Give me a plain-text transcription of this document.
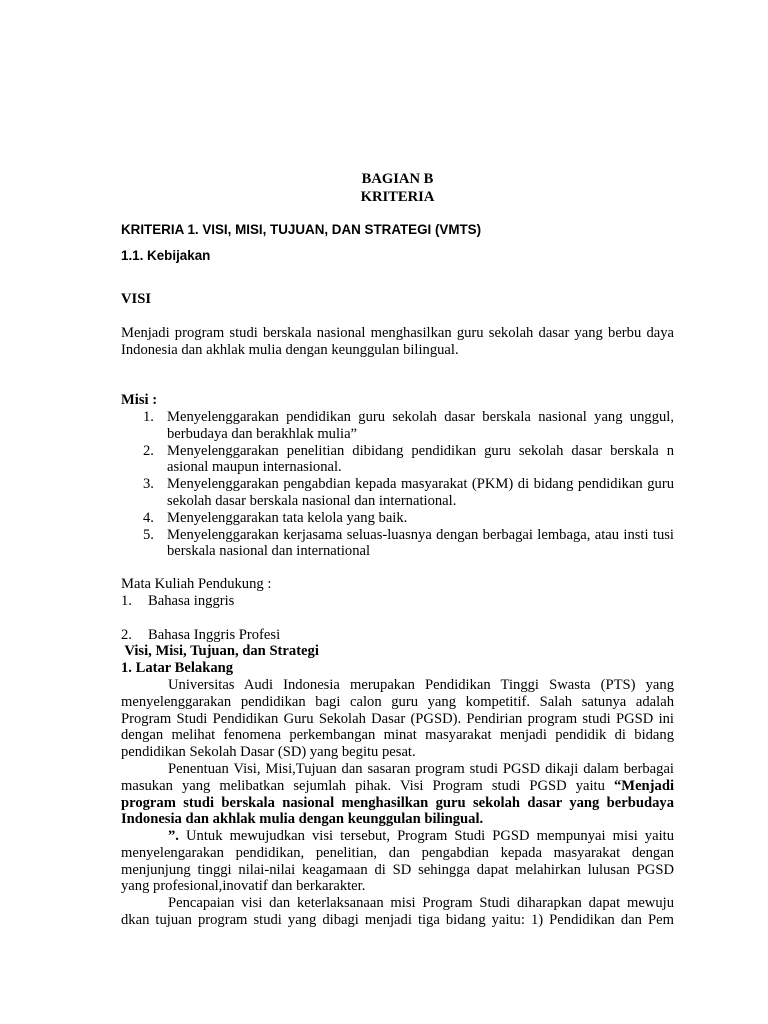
BAGIAN B
KRITERIA
KRITERIA 1. VISI, MISI, TUJUAN, DAN STRATEGI (VMTS)
1.1. Kebijakan
VISI
Menjadi program studi berskala nasional menghasilkan guru sekolah dasar yang berbu daya Indonesia dan akhlak mulia dengan keunggulan bilingual.
Misi :
1. Menyelenggarakan pendidikan guru sekolah dasar berskala nasional yang unggul, berbudaya dan berakhlak mulia”
2. Menyelenggarakan penelitian dibidang pendidikan guru sekolah dasar berskala n asional maupun internasional.
3. Menyelenggarakan pengabdian kepada masyarakat (PKM) di bidang pendidikan guru sekolah dasar berskala nasional dan international.
4. Menyelenggarakan tata kelola yang baik.
5. Menyelenggarakan kerjasama seluas-luasnya dengan berbagai lembaga, atau insti tusi berskala nasional dan international
Mata Kuliah Pendukung :
1. Bahasa inggris
2. Bahasa Inggris Profesi
Visi, Misi, Tujuan, dan Strategi
1. Latar Belakang
Universitas Audi Indonesia merupakan Pendidikan Tinggi Swasta (PTS) yang menyelenggarakan pendidikan bagi calon guru yang kompetitif. Salah satunya adalah Program Studi Pendidikan Guru Sekolah Dasar (PGSD). Pendirian program studi PGSD ini dengan melihat fenomena perkembangan minat masyarakat menjadi pendidik di bidang pendidikan Sekolah Dasar (SD) yang begitu pesat.
Penentuan Visi, Misi,Tujuan dan sasaran program studi PGSD dikaji dalam berbagai masukan yang melibatkan sejumlah pihak. Visi Program studi PGSD yaitu “Menjadi program studi berskala nasional menghasilkan guru sekolah dasar yang berbudaya Indonesia dan akhlak mulia dengan keunggulan bilingual.
”. Untuk mewujudkan visi tersebut, Program Studi PGSD mempunyai misi yaitu menyelengarakan pendidikan, penelitian, dan pengabdian kepada masyarakat dengan menjunjung tinggi nilai-nilai keagamaan di SD sehingga dapat melahirkan lulusan PGSD yang profesional,inovatif dan berkarakter.
Pencapaian visi dan keterlaksanaan misi Program Studi diharapkan dapat mewuju
dkan tujuan program studi yang dibagi menjadi tiga bidang yaitu: 1) Pendidikan dan Pem
